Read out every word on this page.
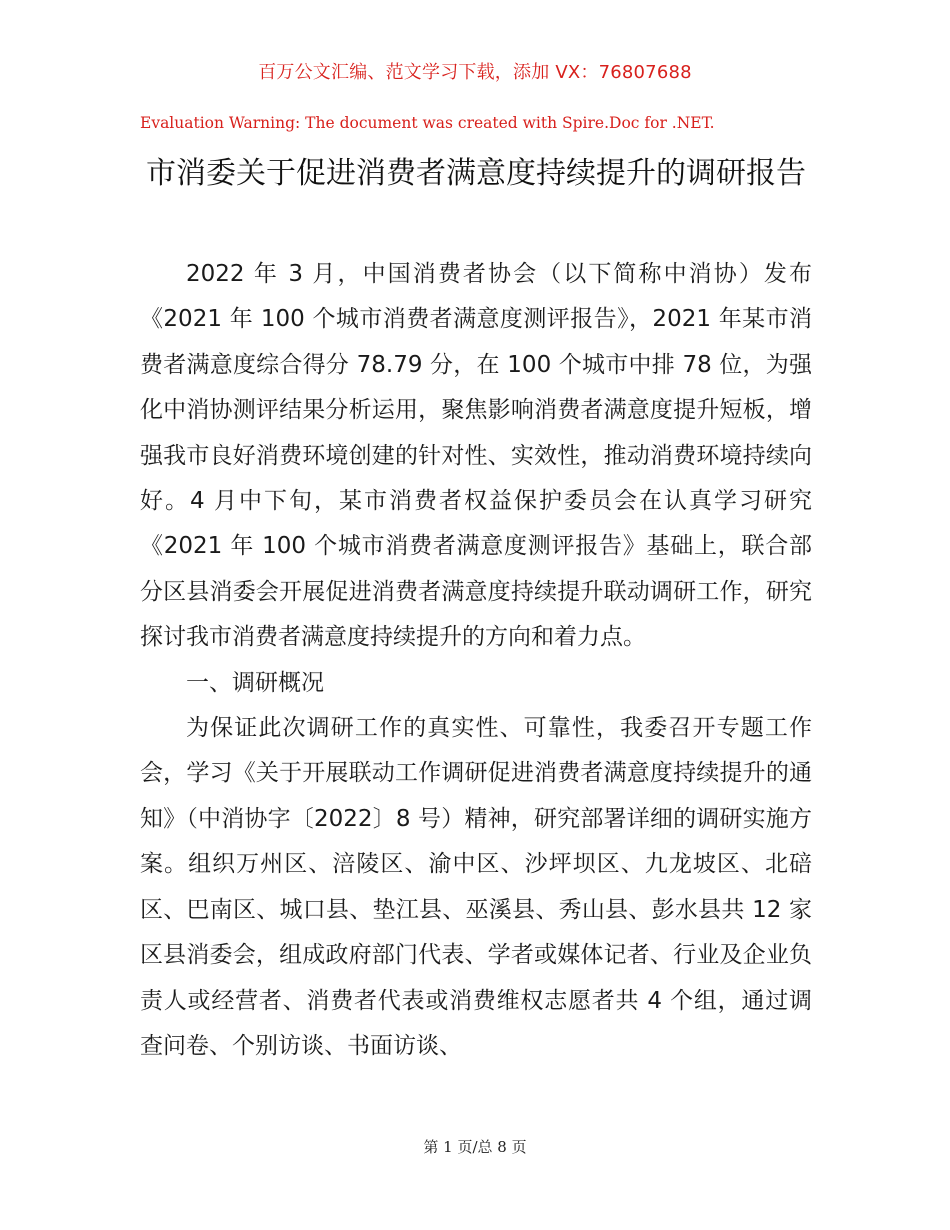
百万公文汇编、范文学习下载，添加 VX：76807688
Evaluation Warning: The document was created with Spire.Doc for .NET.
市消委关于促进消费者满意度持续提升的调研报告

2022 年 3 月，中国消费者协会（以下简称中消协）发布《2021 年 100 个城市消费者满意度测评报告》，2021 年某市消费者满意度综合得分 78.79 分，在 100 个城市中排 78 位，为强化中消协测评结果分析运用，聚焦影响消费者满意度提升短板，增强我市良好消费环境创建的针对性、实效性，推动消费环境持续向好。4 月中下旬，某市消费者权益保护委员会在认真学习研究《2021 年 100 个城市消费者满意度测评报告》基础上，联合部分区县消委会开展促进消费者满意度持续提升联动调研工作，研究探讨我市消费者满意度持续提升的方向和着力点。

一、调研概况

为保证此次调研工作的真实性、可靠性，我委召开专题工作会，学习《关于开展联动工作调研促进消费者满意度持续提升的通知》（中消协字〔2022〕8 号）精神，研究部署详细的调研实施方案。组织万州区、涪陵区、渝中区、沙坪坝区、九龙坡区、北碚区、巴南区、城口县、垫江县、巫溪县、秀山县、彭水县共 12 家区县消委会，组成政府部门代表、学者或媒体记者、行业及企业负责人或经营者、消费者代表或消费维权志愿者共 4 个组，通过调查问卷、个别访谈、书面访谈、

第 1 页/总 8 页
